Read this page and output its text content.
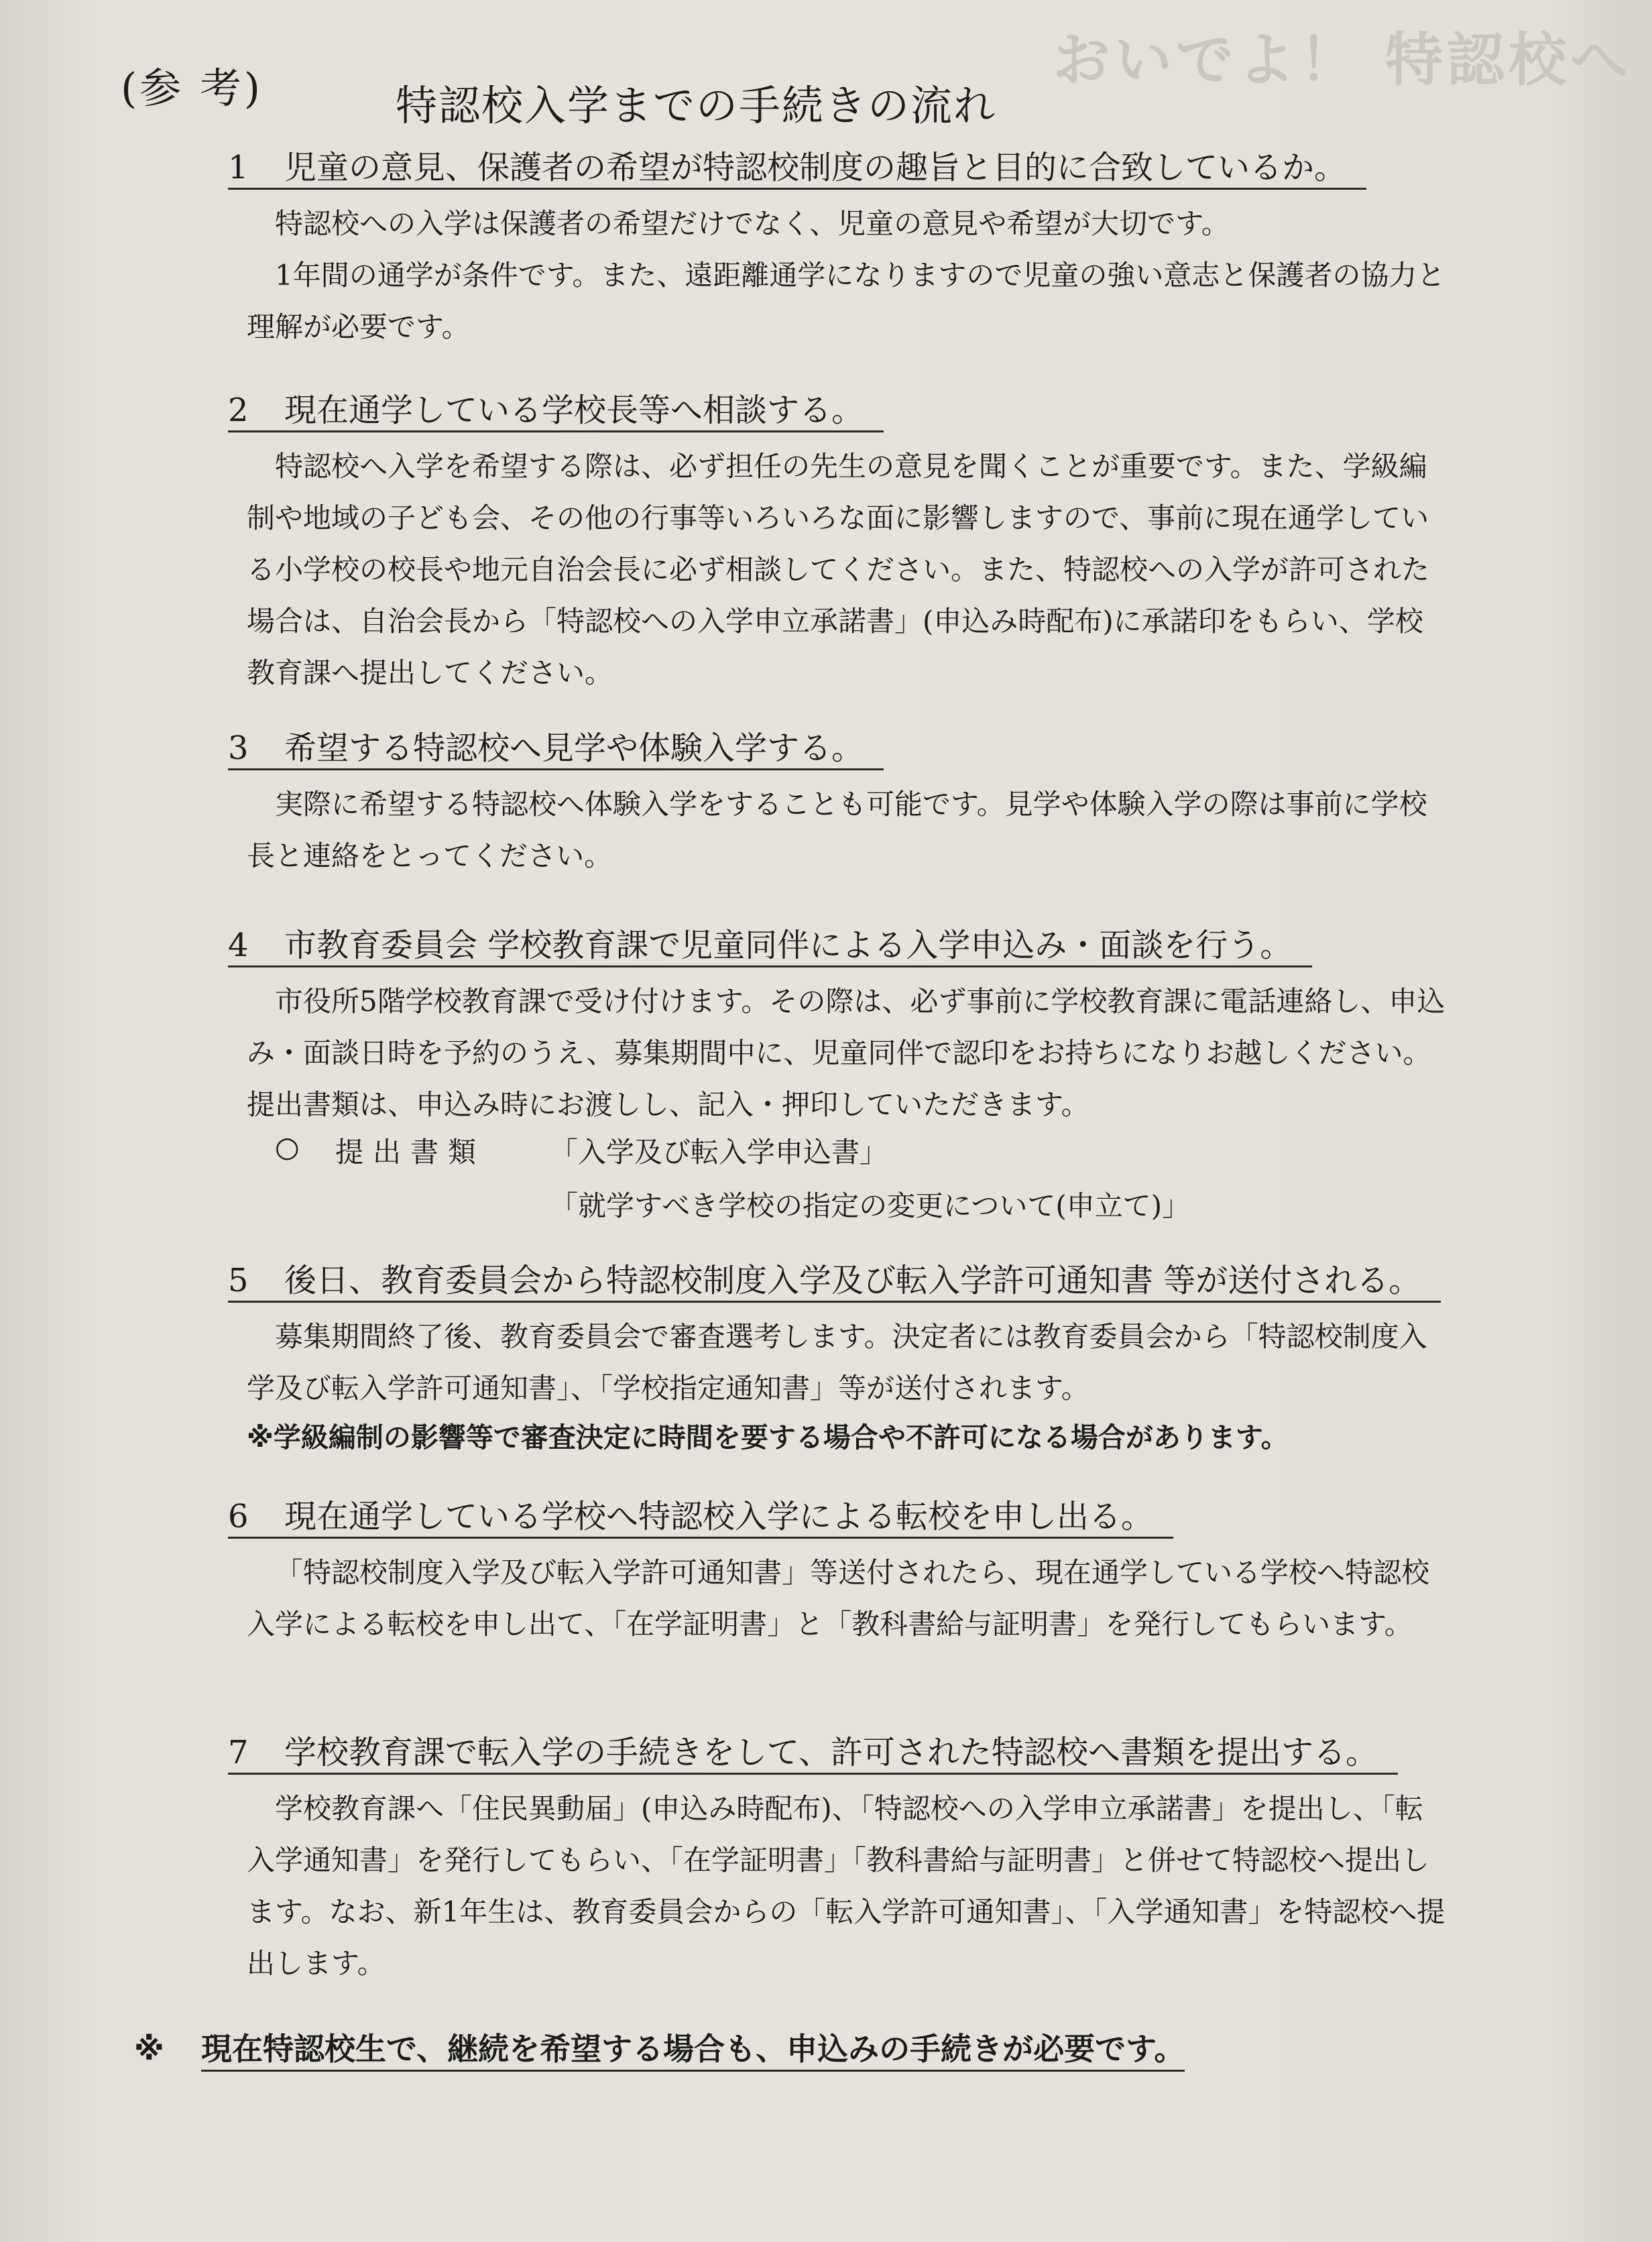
おいでよ！ 特認校へ
(参 考)	特認校入学までの手続きの流れ
1 児童の意見、保護者の希望が特認校制度の趣旨と目的に合致しているか。
特認校への入学は保護者の希望だけでなく、児童の意見や希望が大切です。
1年間の通学が条件です。また、遠距離通学になりますので児童の強い意志と保護者の協力と理解が必要です。
2 現在通学している学校長等へ相談する。
特認校へ入学を希望する際は、必ず担任の先生の意見を聞くことが重要です。また、学級編制や地域の子ども会、その他の行事等いろいろな面に影響しますので、事前に現在通学している小学校の校長や地元自治会長に必ず相談してください。また、特認校への入学が許可された場合は、自治会長から「特認校への入学申立承諾書」(申込み時配布)に承諾印をもらい、学校教育課へ提出してください。
3 希望する特認校へ見学や体験入学する。
実際に希望する特認校へ体験入学をすることも可能です。見学や体験入学の際は事前に学校長と連絡をとってください。
4 市教育委員会 学校教育課で児童同伴による入学申込み・面談を行う。
市役所5階学校教育課で受け付けます。その際は、必ず事前に学校教育課に電話連絡し、申込み・面談日時を予約のうえ、募集期間中に、児童同伴で認印をお持ちになりお越しください。提出書類は、申込み時にお渡しし、記入・押印していただきます。
○ 提出書類 「入学及び転入学申込書」
「就学すべき学校の指定の変更について(申立て)」
5 後日、教育委員会から特認校制度入学及び転入学許可通知書 等が送付される。
募集期間終了後、教育委員会で審査選考します。決定者には教育委員会から「特認校制度入学及び転入学許可通知書」、「学校指定通知書」等が送付されます。
※学級編制の影響等で審査決定に時間を要する場合や不許可になる場合があります。
6 現在通学している学校へ特認校入学による転校を申し出る。
「特認校制度入学及び転入学許可通知書」等送付されたら、現在通学している学校へ特認校入学による転校を申し出て、「在学証明書」と「教科書給与証明書」を発行してもらいます。
7 学校教育課で転入学の手続きをして、許可された特認校へ書類を提出する。
学校教育課へ「住民異動届」(申込み時配布)、「特認校への入学申立承諾書」を提出し、「転入学通知書」を発行してもらい、「在学証明書」「教科書給与証明書」と併せて特認校へ提出します。なお、新1年生は、教育委員会からの「転入学許可通知書」、「入学通知書」を特認校へ提出します。
※ 現在特認校生で、継続を希望する場合も、申込みの手続きが必要です。
